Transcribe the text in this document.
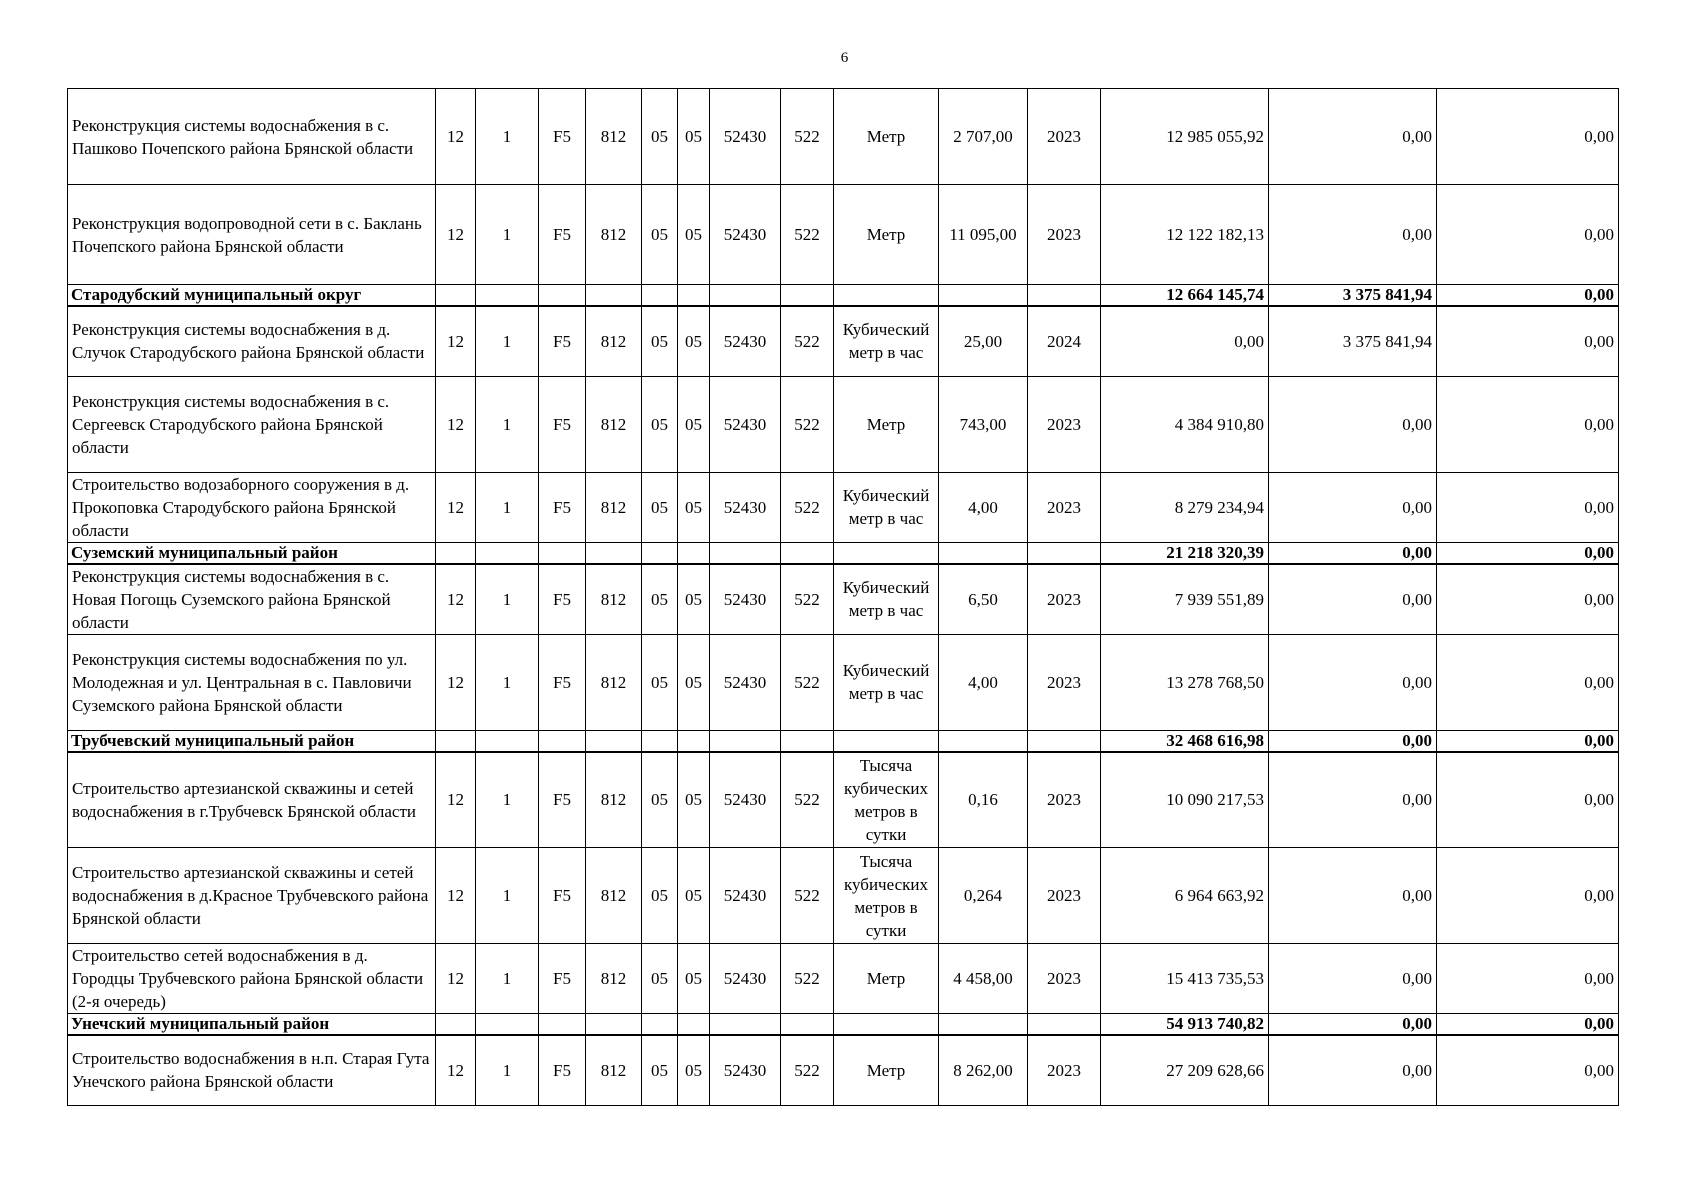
6
Реконструкция системы водоснабжения в с. Пашково Почепского района Брянской области	12	1	F5	812	05	05	52430	522	Метр	2 707,00	2023	12 985 055,92	0,00	0,00
Реконструкция водопроводной сети в с. Баклань Почепского района Брянской области	12	1	F5	812	05	05	52430	522	Метр	11 095,00	2023	12 122 182,13	0,00	0,00
Стародубский муниципальный округ												12 664 145,74	3 375 841,94	0,00
Реконструкция системы водоснабжения в д. Случок Стародубского района Брянской области	12	1	F5	812	05	05	52430	522	Кубический метр в час	25,00	2024	0,00	3 375 841,94	0,00
Реконструкция системы водоснабжения в с. Сергеевск Стародубского района Брянской области	12	1	F5	812	05	05	52430	522	Метр	743,00	2023	4 384 910,80	0,00	0,00
Строительство водозаборного сооружения в д. Прокоповка Стародубского района Брянской области	12	1	F5	812	05	05	52430	522	Кубический метр в час	4,00	2023	8 279 234,94	0,00	0,00
Суземский муниципальный район												21 218 320,39	0,00	0,00
Реконструкция системы водоснабжения в с. Новая Погощь Суземского района Брянской области	12	1	F5	812	05	05	52430	522	Кубический метр в час	6,50	2023	7 939 551,89	0,00	0,00
Реконструкция системы водоснабжения по ул. Молодежная и ул. Центральная в с. Павловичи Суземского района Брянской области	12	1	F5	812	05	05	52430	522	Кубический метр в час	4,00	2023	13 278 768,50	0,00	0,00
Трубчевский муниципальный район												32 468 616,98	0,00	0,00
Строительство артезианской скважины и сетей водоснабжения в г.Трубчевск Брянской области	12	1	F5	812	05	05	52430	522	Тысяча кубических метров в сутки	0,16	2023	10 090 217,53	0,00	0,00
Строительство артезианской скважины и сетей водоснабжения в д.Красное Трубчевского района Брянской области	12	1	F5	812	05	05	52430	522	Тысяча кубических метров в сутки	0,264	2023	6 964 663,92	0,00	0,00
Строительство сетей водоснабжения в д. Городцы Трубчевского района Брянской области (2-я очередь)	12	1	F5	812	05	05	52430	522	Метр	4 458,00	2023	15 413 735,53	0,00	0,00
Унечский муниципальный район												54 913 740,82	0,00	0,00
Строительство водоснабжения в н.п. Старая Гута Унечского района Брянской области	12	1	F5	812	05	05	52430	522	Метр	8 262,00	2023	27 209 628,66	0,00	0,00
